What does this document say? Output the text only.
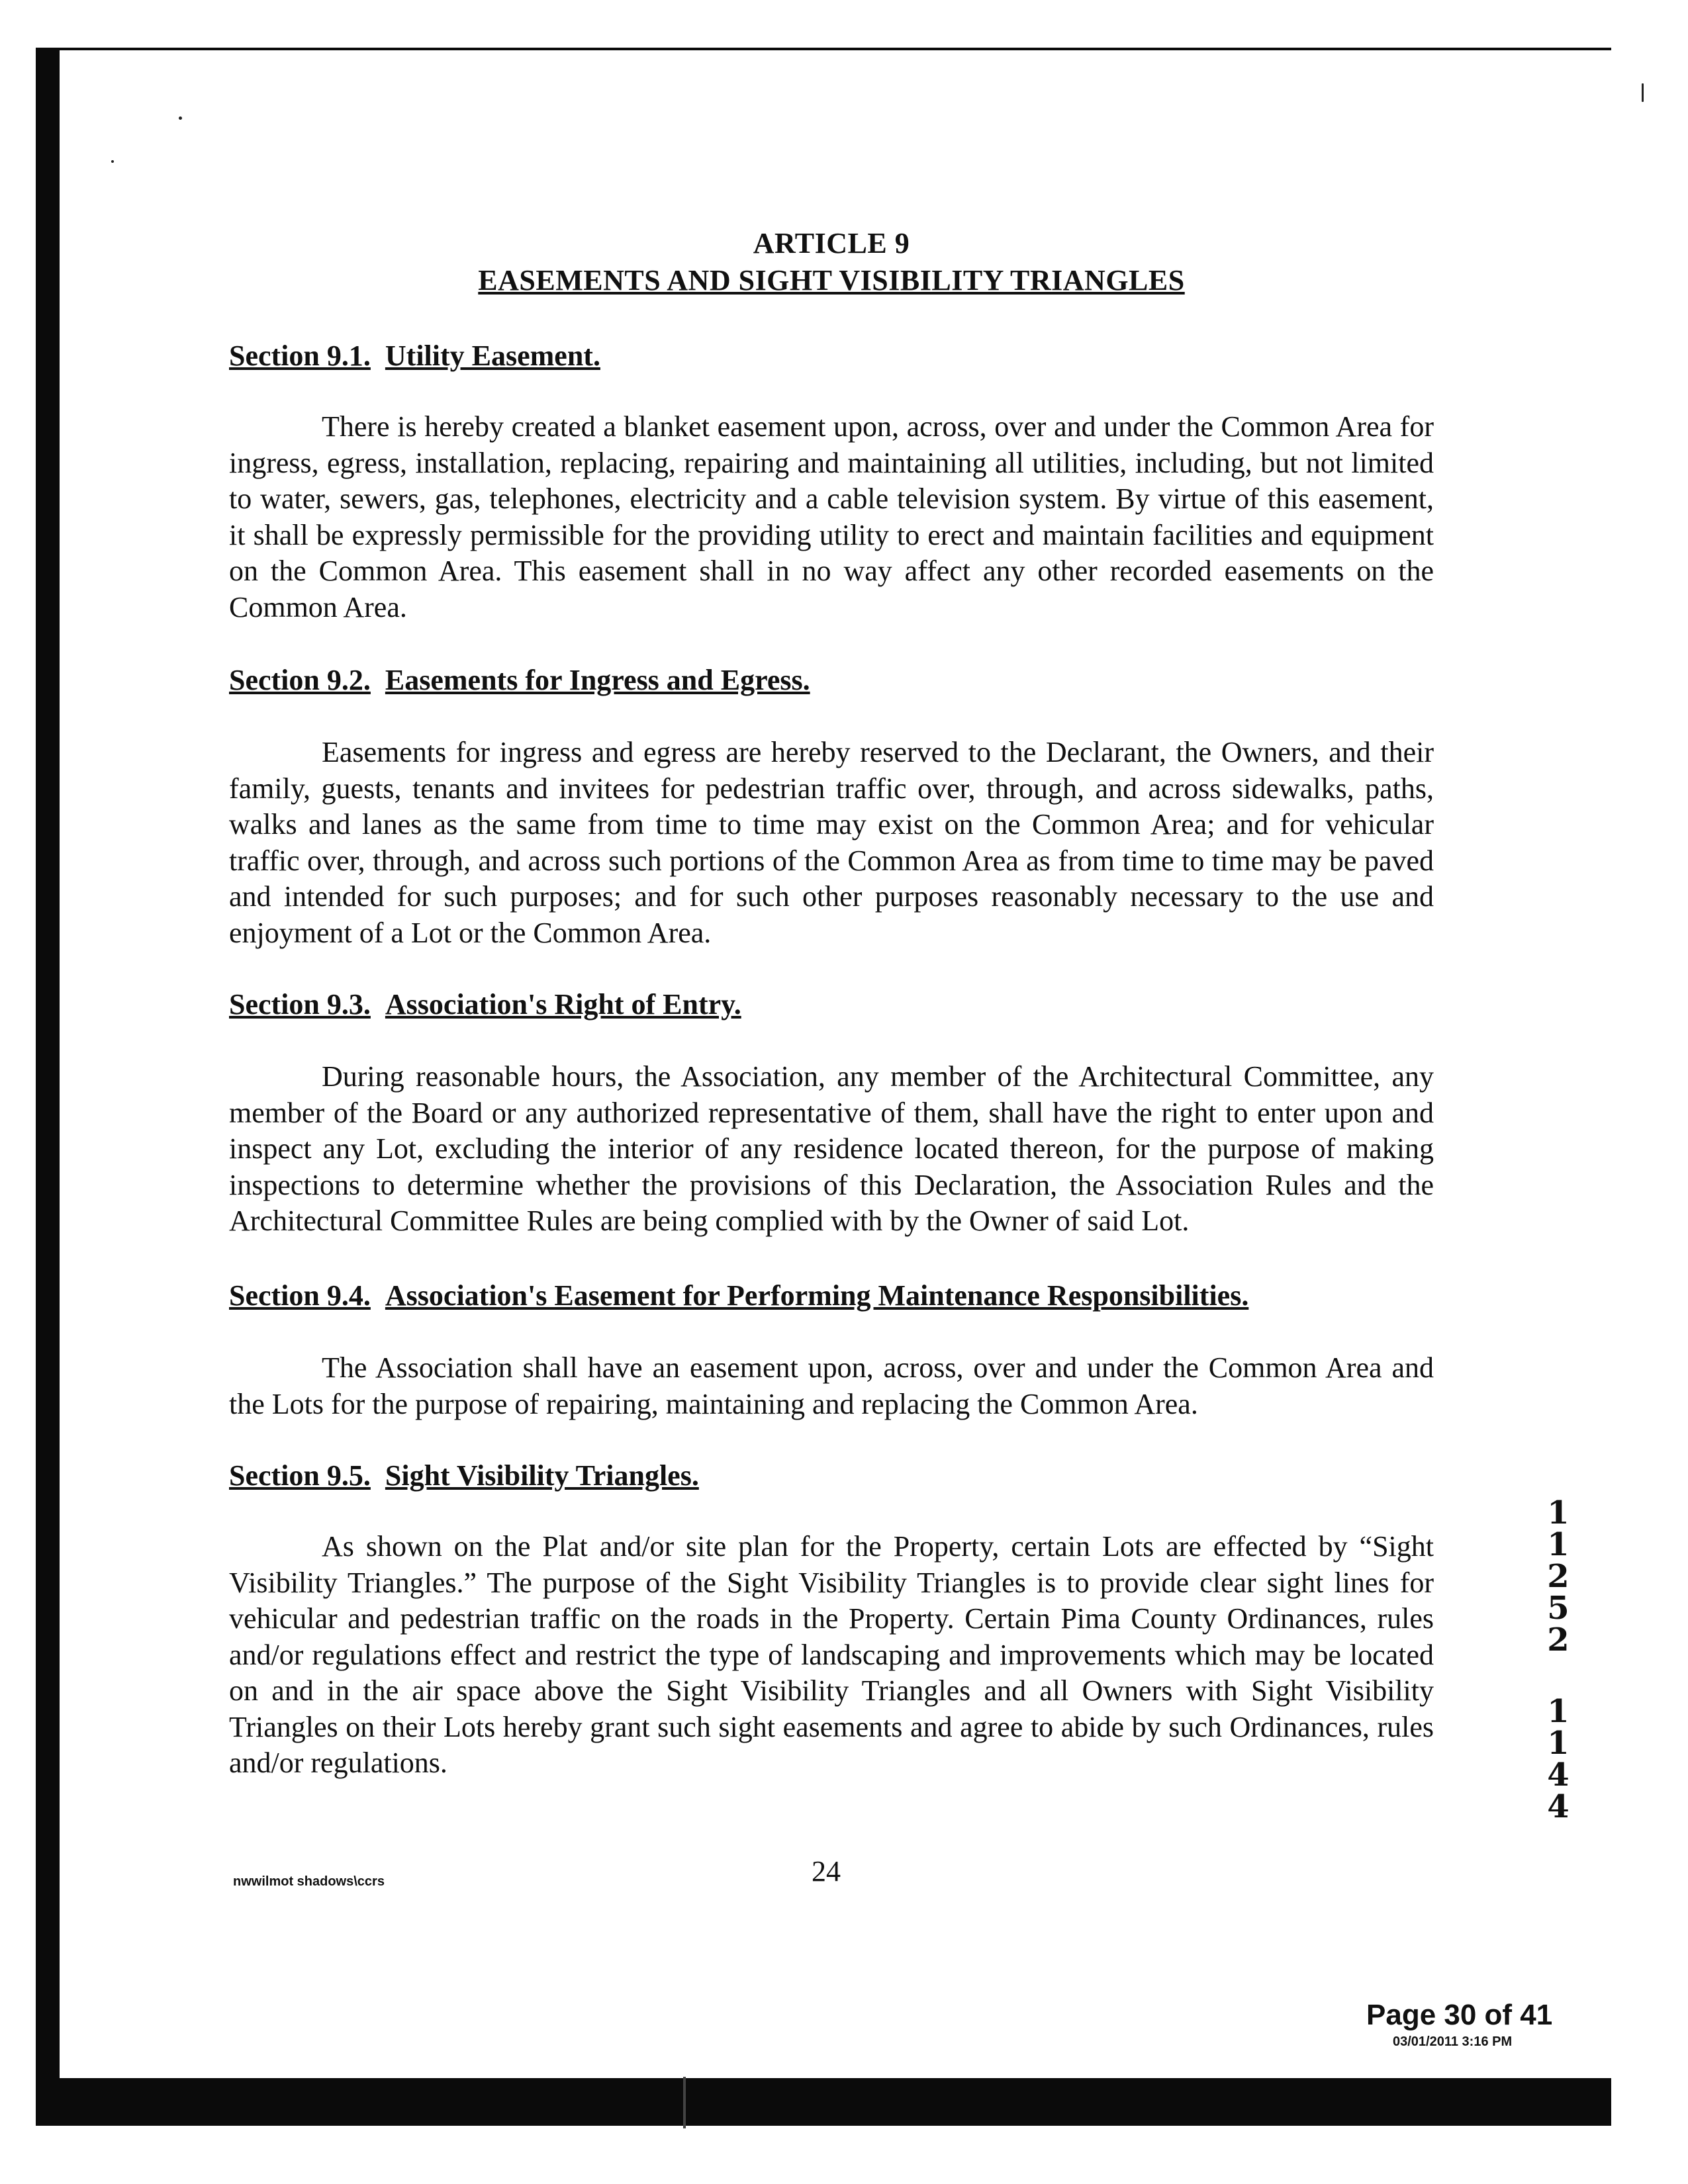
ARTICLE 9
EASEMENTS AND SIGHT VISIBILITY TRIANGLES
Section 9.1. Utility Easement.
There is hereby created a blanket easement upon, across, over and under the Common Area for ingress, egress, installation, replacing, repairing and maintaining all utilities, including, but not limited to water, sewers, gas, telephones, electricity and a cable television system. By virtue of this easement, it shall be expressly permissible for the providing utility to erect and maintain facilities and equipment on the Common Area. This easement shall in no way affect any other recorded easements on the Common Area.
Section 9.2. Easements for Ingress and Egress.
Easements for ingress and egress are hereby reserved to the Declarant, the Owners, and their family, guests, tenants and invitees for pedestrian traffic over, through, and across sidewalks, paths, walks and lanes as the same from time to time may exist on the Common Area; and for vehicular traffic over, through, and across such portions of the Common Area as from time to time may be paved and intended for such purposes; and for such other purposes reasonably necessary to the use and enjoyment of a Lot or the Common Area.
Section 9.3. Association's Right of Entry.
During reasonable hours, the Association, any member of the Architectural Committee, any member of the Board or any authorized representative of them, shall have the right to enter upon and inspect any Lot, excluding the interior of any residence located thereon, for the purpose of making inspections to determine whether the provisions of this Declaration, the Association Rules and the Architectural Committee Rules are being complied with by the Owner of said Lot.
Section 9.4. Association's Easement for Performing Maintenance Responsibilities.
The Association shall have an easement upon, across, over and under the Common Area and the Lots for the purpose of repairing, maintaining and replacing the Common Area.
Section 9.5. Sight Visibility Triangles.
As shown on the Plat and/or site plan for the Property, certain Lots are effected by “Sight Visibility Triangles.” The purpose of the Sight Visibility Triangles is to provide clear sight lines for vehicular and pedestrian traffic on the roads in the Property. Certain Pima County Ordinances, rules and/or regulations effect and restrict the type of landscaping and improvements which may be located on and in the air space above the Sight Visibility Triangles and all Owners with Sight Visibility Triangles on their Lots hereby grant such sight easements and agree to abide by such Ordinances, rules and/or regulations.
nwwilmot shadows\ccrs	24
1
1
2
5
2
1
1
4
4
Page 30 of 41
03/01/2011 3:16 PM
